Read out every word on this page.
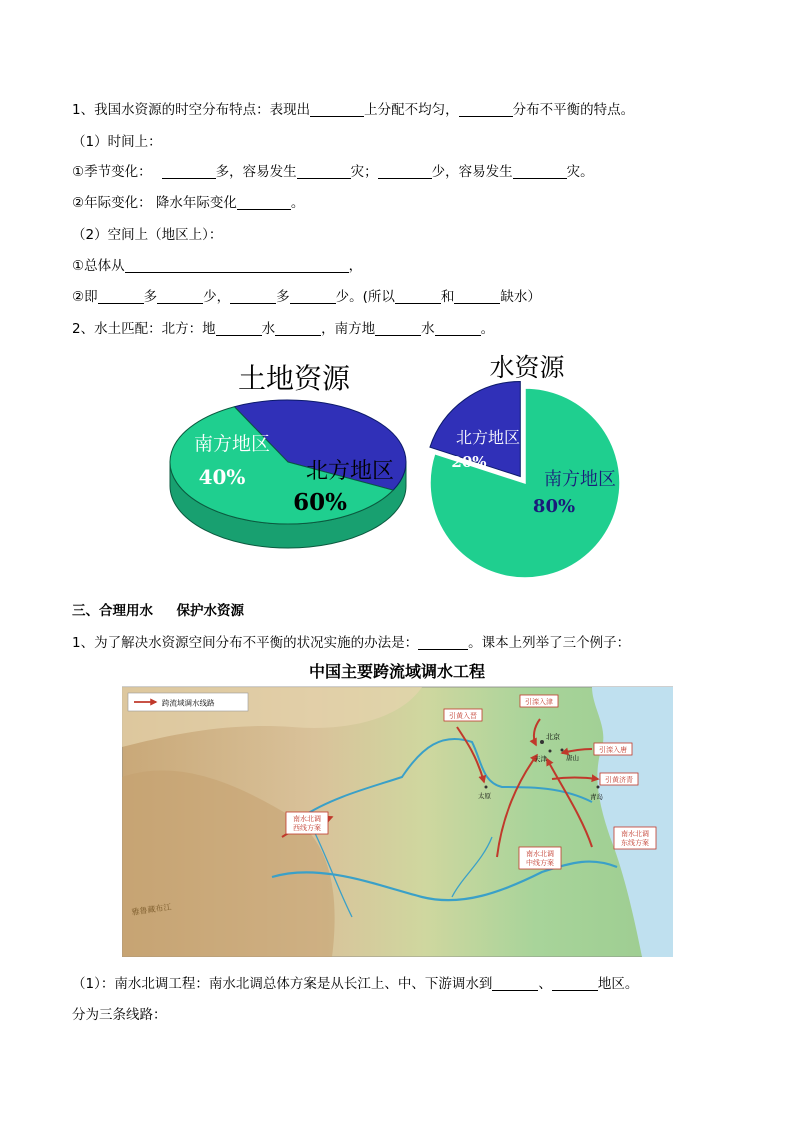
1、我国水资源的时空分布特点：表现出	上分配不均匀，	分布不平衡的特点。
（1）时间上：
①季节变化：	多，容易发生	灾；	少，容易发生	灾。
②年际变化： 降水年际变化	。
（2）空间上（地区上）：
①总体从	，
②即	多	少，	多	少。(所以	和	缺水）
2、水土匹配：北方：地	水	，南方地	水	。
土地资源
南方地区
40%	北方地区
60%
水资源
北方地区
20%
南方地区
80%
三、合理用水     保护水资源
1、为了解决水资源空间分布不平衡的状况实施的办法是：	。课本上列举了三个例子：
中国主要跨流域调水工程
跨流域调水线路
引黄入晋
引滦入津
引滦入唐
引黄济青
南水北调
东线方案
南水北调
中线方案
南水北调
西线方案
北京
天津	唐山
太原	青岛
雅鲁藏布江
（1）：南水北调工程：南水北调总体方案是从长江上、中、下游调水到	、	地区。
分为三条线路：
